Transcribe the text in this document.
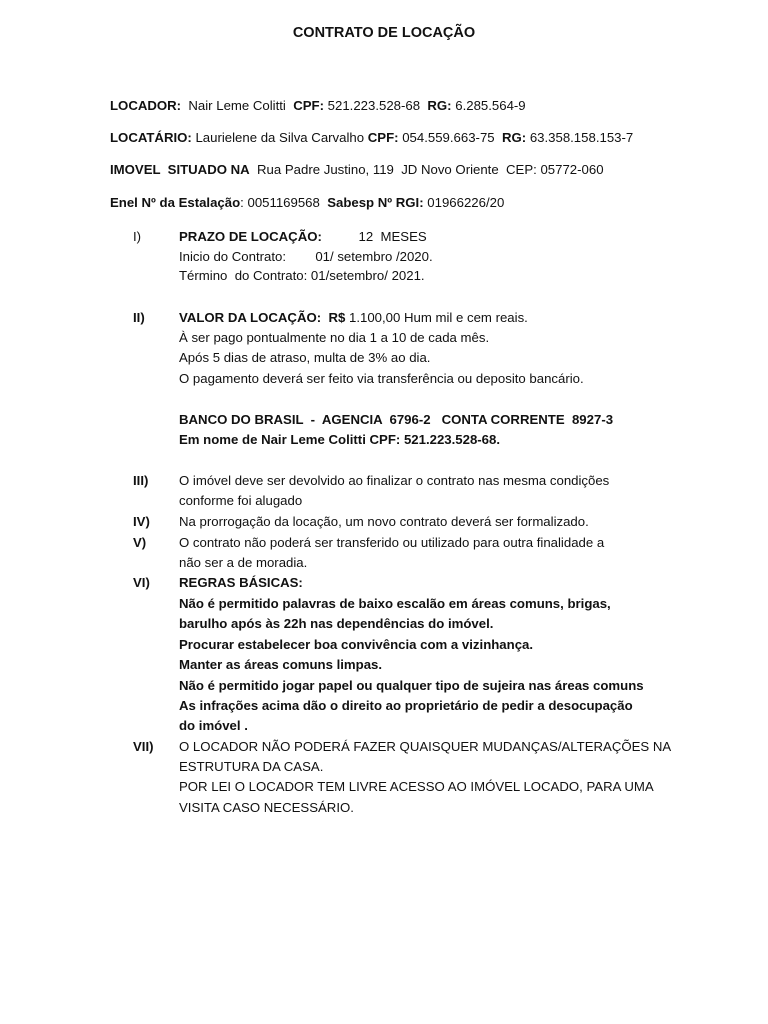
CONTRATO DE LOCAÇÃO
LOCADOR: Nair Leme Colitti CPF: 521.223.528-68 RG: 6.285.564-9
LOCATÁRIO: Laurielene da Silva Carvalho CPF: 054.559.663-75 RG: 63.358.158.153-7
IMOVEL  SITUADO NA Rua Padre Justino, 119  JD Novo Oriente CEP: 05772-060
Enel Nº da Estalação: 0051169568 Sabesp Nº RGI: 01966226/20
I)	PRAZO DE LOCAÇÃO:	12  MESES
Inicio do Contrato:        01/ setembro /2020.
Término  do Contrato: 01/setembro/ 2021.
II)	VALOR DA LOCAÇÃO:  R$ 1.100,00 Hum mil e cem reais.
À ser pago pontualmente no dia 1 a 10 de cada mês.
Após 5 dias de atraso, multa de 3% ao dia.
O pagamento deverá ser feito via transferência ou deposito bancário.
BANCO DO BRASIL  -  AGENCIA  6796-2   CONTA CORRENTE  8927-3
Em nome de Nair Leme Colitti CPF: 521.223.528-68.
III) O imóvel deve ser devolvido ao finalizar o contrato nas mesma condições
conforme foi alugado
IV) Na prorrogação da locação, um novo contrato deverá ser formalizado.
V) O contrato não poderá ser transferido ou utilizado para outra finalidade a
não ser a de moradia.
VI) REGRAS BÁSICAS:
Não é permitido palavras de baixo escalão em áreas comuns, brigas,
barulho após às 22h nas dependências do imóvel.
Procurar estabelecer boa convivência com a vizinhança.
Manter as áreas comuns limpas.
Não é permitido jogar papel ou qualquer tipo de sujeira nas áreas comuns
As infrações acima dão o direito ao proprietário de pedir a desocupação
do imóvel .
VII) O LOCADOR NÃO PODERÁ FAZER QUAISQUER MUDANÇAS/ALTERAÇÕES NA
ESTRUTURA DA CASA.
POR LEI O LOCADOR TEM LIVRE ACESSO AO IMÓVEL LOCADO, PARA UMA
VISITA CASO NECESSÁRIO.
